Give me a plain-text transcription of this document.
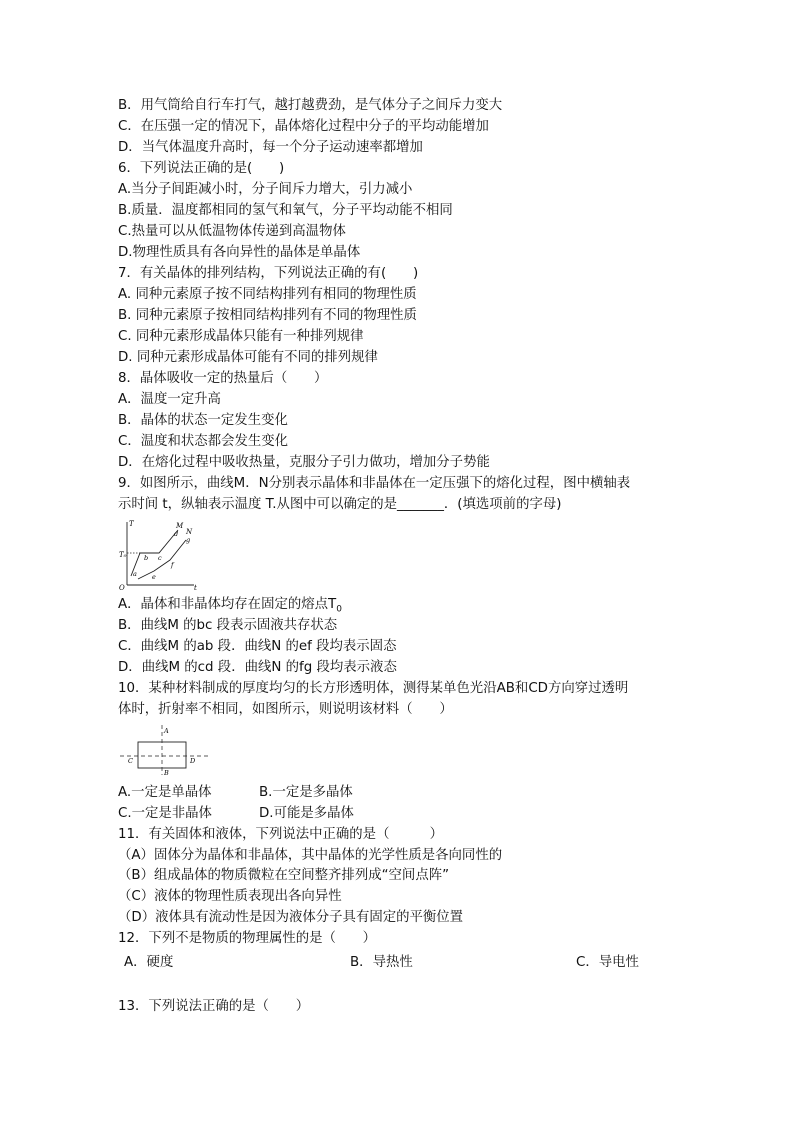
B．用气筒给自行车打气，越打越费劲，是气体分子之间斥力变大
C．在压强一定的情况下，晶体熔化过程中分子的平均动能增加
D．当气体温度升高时，每一个分子运动速率都增加
6．下列说法正确的是(　　)
A.当分子间距减小时，分子间斥力增大，引力减小
B.质量．温度都相同的氢气和氧气，分子平均动能不相同
C.热量可以从低温物体传递到高温物体
D.物理性质具有各向异性的晶体是单晶体
7．有关晶体的排列结构，下列说法正确的有(　　)
A. 同种元素原子按不同结构排列有相同的物理性质
B. 同种元素原子按相同结构排列有不同的物理性质
C. 同种元素形成晶体只能有一种排列规律
D. 同种元素形成晶体可能有不同的排列规律
8．晶体吸收一定的热量后（　　）
A．温度一定升高
B．晶体的状态一定发生变化
C．温度和状态都会发生变化
D．在熔化过程中吸收热量，克服分子引力做功，增加分子势能
9．如图所示，曲线M．N分别表示晶体和非晶体在一定压强下的熔化过程，图中横轴表
示时间 t，纵轴表示温度 T.从图中可以确定的是_______．(填选项前的字母)
T
T₀
O	t
M
N
a
b c
d
e
f
g
A．晶体和非晶体均存在固定的熔点$T_0$
B．曲线M 的bc 段表示固液共存状态
C．曲线M 的ab 段．曲线N 的ef 段均表示固态
D．曲线M 的cd 段．曲线N 的fg 段均表示液态
10．某种材料制成的厚度均匀的长方形透明体，测得某单色光沿AB和CD方向穿过透明
体时，折射率不相同，如图所示，则说明该材料（　　）
A
B
C	D
A.一定是单晶体	B.一定是多晶体
C.一定是非晶体	D.可能是多晶体
11．有关固体和液体，下列说法中正确的是（　　　）
（A）固体分为晶体和非晶体，其中晶体的光学性质是各向同性的
（B）组成晶体的物质微粒在空间整齐排列成“空间点阵”
（C）液体的物理性质表现出各向异性
（D）液体具有流动性是因为液体分子具有固定的平衡位置
12．下列不是物质的物理属性的是（　　）
A．硬度	B．导热性	C．导电性
13．下列说法正确的是（　　）
